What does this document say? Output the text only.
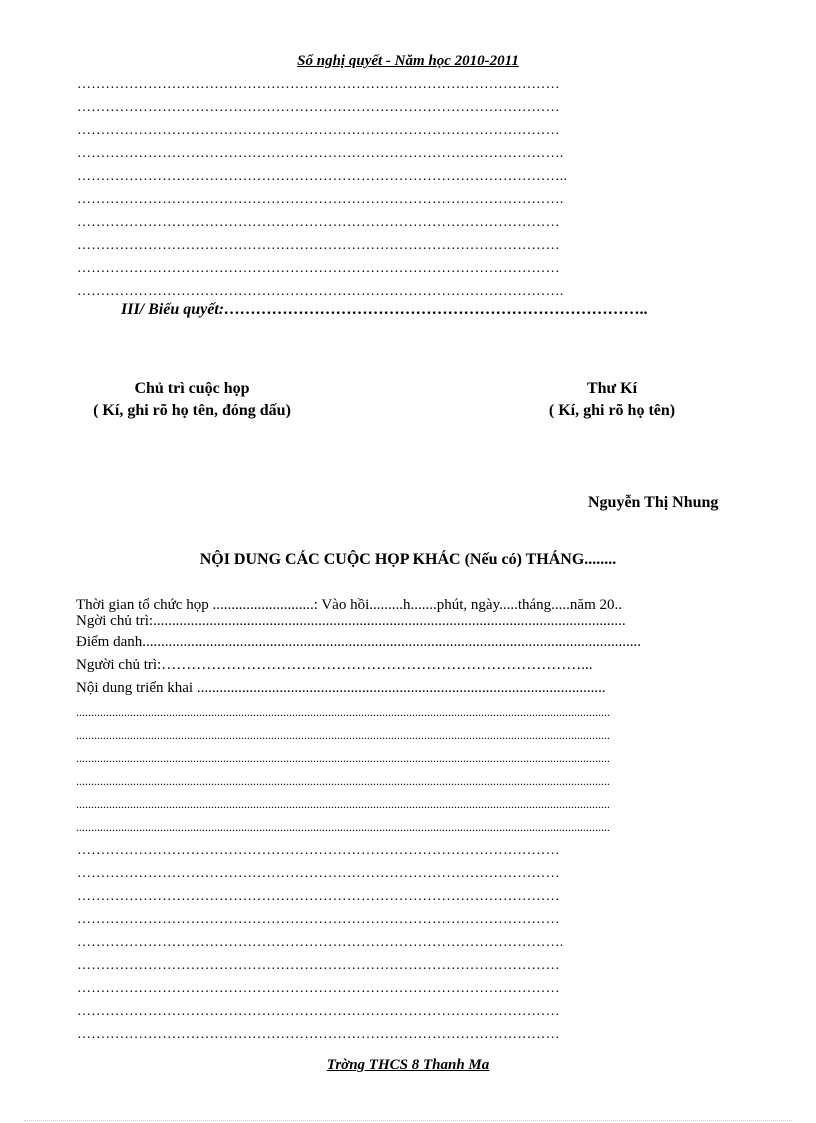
Sổ nghị quyết - Năm học 2010-2011
…………………………………………………………………………………………
…………………………………………………………………………………………
…………………………………………………………………………………………
………………………………………………………………………………………….
…………………………………………………………………………………………..
………………………………………………………………………………………….
…………………………………………………………………………………………
…………………………………………………………………………………………
…………………………………………………………………………………………
………………………………………………………………………………………….
III/ Biểu quyết:……………………………………………………………………..
Chủ trì cuộc họp
( Kí, ghi rõ họ tên, đóng dấu)
Thư Kí
( Kí, ghi rõ họ tên)
Nguyễn Thị Nhung
NỘI DUNG CÁC CUỘC HỌP KHÁC (Nếu có) THÁNG........
Thời gian tổ chức họp ...........................: Vào hồi.........h.......phút, ngày.....tháng.....năm 20..
Ngời chủ trì:..............................................................................................................................
Điểm danh.....................................................................................................................................
Người chủ trì:…………………………………………………………………………...
Nội dung triển khai .............................................................................................................
..................................................................................................................................................................................
..................................................................................................................................................................................
..................................................................................................................................................................................
..................................................................................................................................................................................
..................................................................................................................................................................................
..................................................................................................................................................................................
…………………………………………………………………………………………
…………………………………………………………………………………………
…………………………………………………………………………………………
…………………………………………………………………………………………
………………………………………………………………………………………….
…………………………………………………………………………………………
…………………………………………………………………………………………
…………………………………………………………………………………………
…………………………………………………………………………………………
Trờng THCS 8 Thanh Ma
